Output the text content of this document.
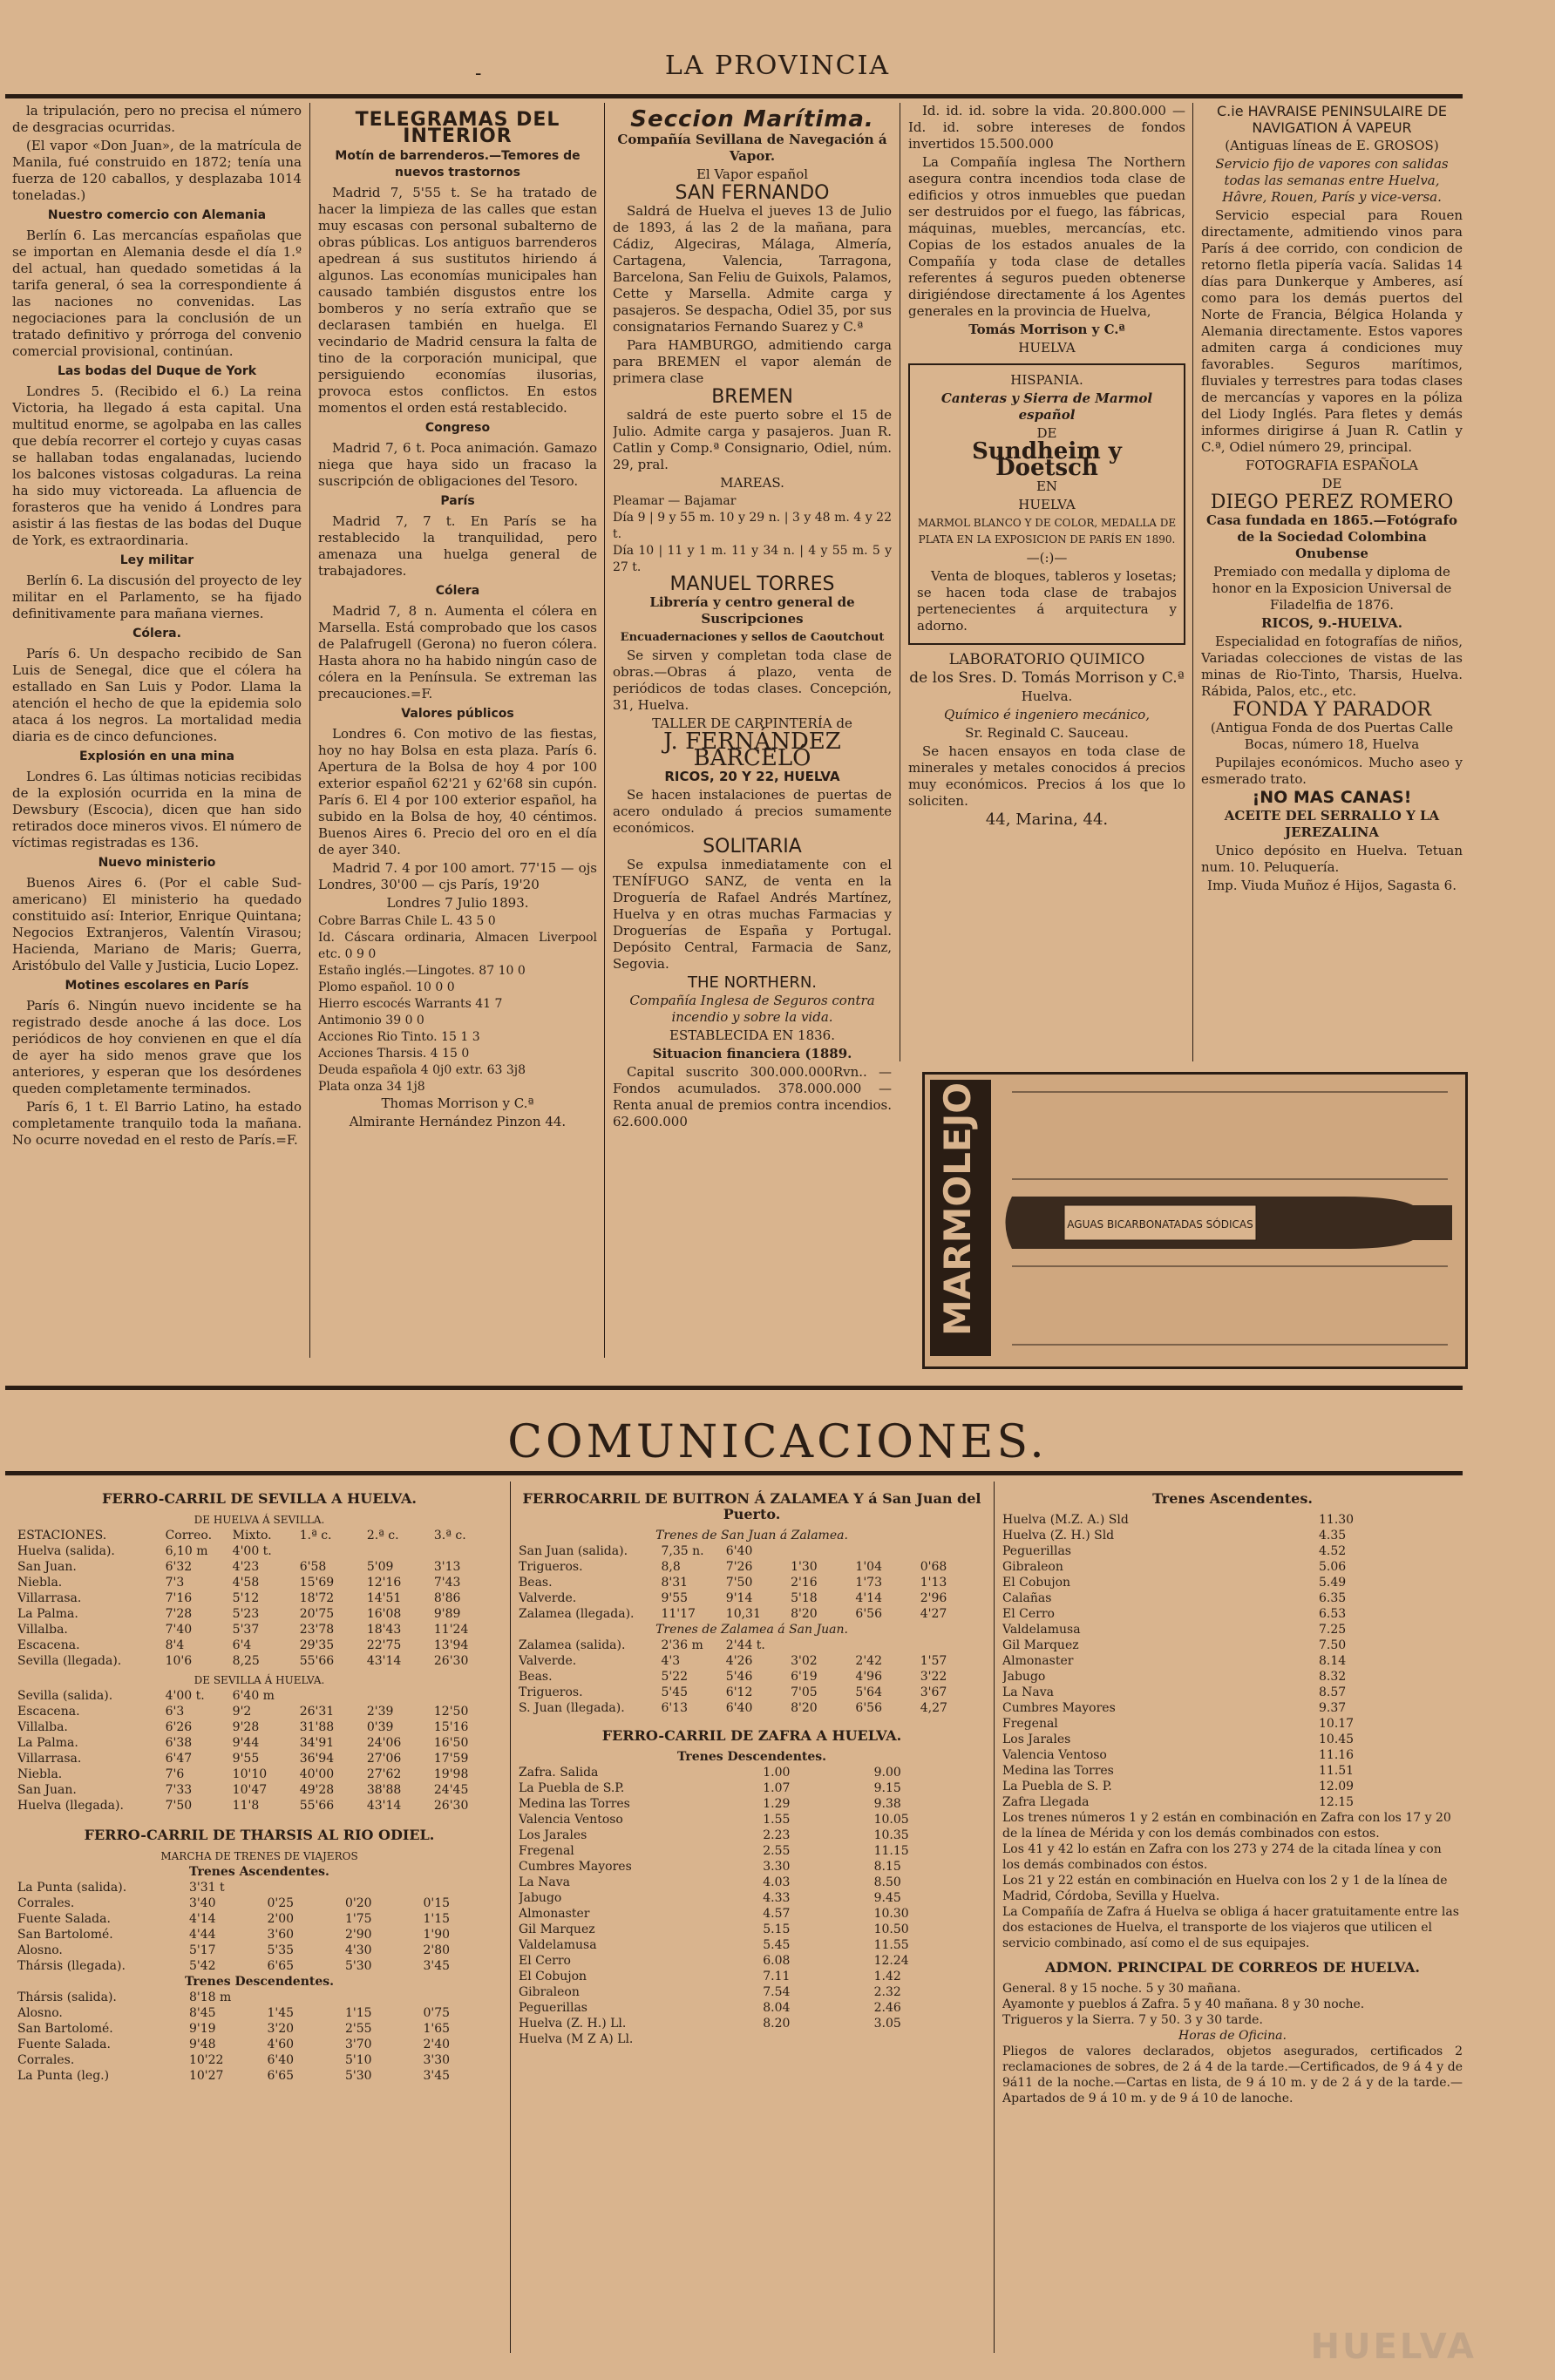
-	LA PROVINCIA

la tripulación, pero no precisa el número de desgracias ocurridas.

(El vapor «Don Juan», de la matrícula de Manila, fué construido en 1872; tenía una fuerza de 120 caballos, y desplazaba 1014 toneladas.)

Nuestro comercio con Alemania

Berlín 6. Las mercancías españolas que se importan en Alemania desde el día 1.º del actual, han quedado sometidas á la tarifa general, ó sea la correspondiente á las naciones no convenidas. Las negociaciones para la conclusión de un tratado definitivo y prórroga del convenio comercial provisional, continúan.

Las bodas del Duque de York

Londres 5. (Recibido el 6.) La reina Victoria, ha llegado á esta capital. Una multitud enorme, se agolpaba en las calles que debía recorrer el cortejo y cuyas casas se hallaban todas engalanadas, luciendo los balcones vistosas colgaduras. La reina ha sido muy victoreada. La afluencia de forasteros que ha venido á Londres para asistir á las fiestas de las bodas del Duque de York, es extraordinaria.

Ley militar

Berlín 6. La discusión del proyecto de ley militar en el Parlamento, se ha fijado definitivamente para mañana viernes.

Cólera.

París 6. Un despacho recibido de San Luis de Senegal, dice que el cólera ha estallado en San Luis y Podor. Llama la atención el hecho de que la epidemia solo ataca á los negros. La mortalidad media diaria es de cinco defunciones.

Explosión en una mina

Londres 6. Las últimas noticias recibidas de la explosión ocurrida en la mina de Dewsbury (Escocia), dicen que han sido retirados doce mineros vivos. El número de víctimas registradas es 136.

Nuevo ministerio

Buenos Aires 6. (Por el cable Sud-americano) El ministerio ha quedado constituido así: Interior, Enrique Quintana; Negocios Extranjeros, Valentín Virasou; Hacienda, Mariano de Maris; Guerra, Aristóbulo del Valle y Justicia, Lucio Lopez.

Motines escolares en París

París 6. Ningún nuevo incidente se ha registrado desde anoche á las doce. Los periódicos de hoy convienen en que el día de ayer ha sido menos grave que los anteriores, y esperan que los desórdenes queden completamente terminados.

París 6, 1 t. El Barrio Latino, ha estado completamente tranquilo toda la mañana. No ocurre novedad en el resto de París.=F.

TELEGRAMAS DEL INTERIOR

Motín de barrenderos.—Temores de nuevos trastornos

Madrid 7, 5'55 t. Se ha tratado de hacer la limpieza de las calles que estan muy escasas con personal subalterno de obras públicas. Los antiguos barrenderos apedrean á sus sustitutos hiriendo á algunos. Las economías municipales han causado también disgustos entre los bomberos y no sería extraño que se declarasen también en huelga. El vecindario de Madrid censura la falta de tino de la corporación municipal, que persiguiendo economías ilusorias, provoca estos conflictos. En estos momentos el orden está restablecido.

Congreso

Madrid 7, 6 t. Poca animación. Gamazo niega que haya sido un fracaso la suscripción de obligaciones del Tesoro.

París

Madrid 7, 7 t. En París se ha restablecido la tranquilidad, pero amenaza una huelga general de trabajadores.

Cólera

Madrid 7, 8 n. Aumenta el cólera en Marsella. Está comprobado que los casos de Palafrugell (Gerona) no fueron cólera. Hasta ahora no ha habido ningún caso de cólera en la Península. Se extreman las precauciones.=F.

Valores públicos

Londres 6. Con motivo de las fiestas, hoy no hay Bolsa en esta plaza. París 6. Apertura de la Bolsa de hoy 4 por 100 exterior español 62'21 y 62'68 sin cupón. París 6. El 4 por 100 exterior español, ha subido en la Bolsa de hoy, 40 céntimos. Buenos Aires 6. Precio del oro en el día de ayer 340.

Madrid 7. 4 por 100 amort. 77'15 — ojs Londres, 30'00 — cjs París, 19'20

Londres 7 Julio 1893.

Cobre Barras Chile L. 43 5 0
Id. Cáscara ordinaria, Almacen Liverpool etc. 0 9 0
Estaño inglés.—Lingotes. 87 10 0
Plomo español. 10 0 0
Hierro escocés Warrants 41 7
Antimonio 39 0 0
Acciones Rio Tinto. 15 1 3
Acciones Tharsis. 4 15 0
Deuda española 4 0j0 extr. 63 3j8
Plata onza 34 1j8

Thomas Morrison y C.ª

Almirante Hernández Pinzon 44.

Seccion Marítima.

Compañía Sevillana de Navegación á Vapor.

El Vapor español

SAN FERNANDO

Saldrá de Huelva el jueves 13 de Julio de 1893, á las 2 de la mañana, para Cádiz, Algeciras, Málaga, Almería, Cartagena, Valencia, Tarragona, Barcelona, San Feliu de Guixols, Palamos, Cette y Marsella. Admite carga y pasajeros. Se despacha, Odiel 35, por sus consignatarios Fernando Suarez y C.ª

Para HAMBURGO, admitiendo carga para BREMEN el vapor alemán de primera clase

BREMEN

saldrá de este puerto sobre el 15 de Julio. Admite carga y pasajeros. Juan R. Catlin y Comp.ª Consignario, Odiel, núm. 29, pral.

MAREAS.

Pleamar — Bajamar
Día 9 | 9 y 55 m. 10 y 29 n. | 3 y 48 m. 4 y 22 t.
Día 10 | 11 y 1 m. 11 y 34 n. | 4 y 55 m. 5 y 27 t.

MANUEL TORRES

Librería y centro general de Suscripciones

Encuadernaciones y sellos de Caoutchout

Se sirven y completan toda clase de obras.—Obras á plazo, venta de periódicos de todas clases. Concepción, 31, Huelva.

TALLER DE CARPINTERÍA de

J. FERNÁNDEZ BARCELÓ

RICOS, 20 Y 22, HUELVA

Se hacen instalaciones de puertas de acero ondulado á precios sumamente económicos.

SOLITARIA

Se expulsa inmediatamente con el TENÍFUGO SANZ, de venta en la Droguería de Rafael Andrés Martínez, Huelva y en otras muchas Farmacias y Droguerías de España y Portugal. Depósito Central, Farmacia de Sanz, Segovia.

THE NORTHERN.

Compañía Inglesa de Seguros contra incendio y sobre la vida.

ESTABLECIDA EN 1836.

Situacion financiera (1889.

Capital suscrito 300.000.000Rvn.. — Fondos acumulados. 378.000.000 — Renta anual de premios contra incendios. 62.600.000

Id. id. id. sobre la vida. 20.800.000 — Id. id. sobre intereses de fondos invertidos 15.500.000

La Compañía inglesa The Northern asegura contra incendios toda clase de edificios y otros inmuebles que puedan ser destruidos por el fuego, las fábricas, máquinas, muebles, mercancías, etc. Copias de los estados anuales de la Compañía y toda clase de detalles referentes á seguros pueden obtenerse dirigiéndose directamente á los Agentes generales en la provincia de Huelva,

Tomás Morrison y C.ª

HUELVA

HISPANIA.

Canteras y Sierra de Marmol español

DE

Sundheim y Doetsch

EN

HUELVA

MARMOL BLANCO Y DE COLOR, MEDALLA DE PLATA EN LA EXPOSICION DE PARÍS EN 1890.

—(:)—

Venta de bloques, tableros y losetas; se hacen toda clase de trabajos pertenecientes á arquitectura y adorno.

LABORATORIO QUIMICO

de los Sres. D. Tomás Morrison y C.ª

Huelva.

Químico é ingeniero mecánico,

Sr. Reginald C. Sauceau.

Se hacen ensayos en toda clase de minerales y metales conocidos á precios muy económicos. Precios á los que lo soliciten.

44, Marina, 44.

C.ie HAVRAISE PENINSULAIRE DE NAVIGATION Á VAPEUR

(Antiguas líneas de E. GROSOS)

Servicio fijo de vapores con salidas todas las semanas entre Huelva, Hâvre, Rouen, París y vice-versa.

Servicio especial para Rouen directamente, admitiendo vinos para París á dee corrido, con condicion de retorno fletla pipería vacía. Salidas 14 días para Dunkerque y Amberes, así como para los demás puertos del Norte de Francia, Bélgica Holanda y Alemania directamente. Estos vapores admiten carga á condiciones muy favorables. Seguros marítimos, fluviales y terrestres para todas clases de mercancías y vapores en la póliza del Liody Inglés. Para fletes y demás informes dirigirse á Juan R. Catlin y C.ª, Odiel número 29, principal.

FOTOGRAFIA ESPAÑOLA

DE

DIEGO PEREZ ROMERO

Casa fundada en 1865.—Fotógrafo de la Sociedad Colombina Onubense

Premiado con medalla y diploma de honor en la Exposicion Universal de Filadelfia de 1876.

RICOS, 9.-HUELVA.

Especialidad en fotografías de niños, Variadas colecciones de vistas de las minas de Rio-Tinto, Tharsis, Huelva. Rábida, Palos, etc., etc.

FONDA Y PARADOR

(Antigua Fonda de dos Puertas Calle Bocas, número 18, Huelva

Pupilajes económicos. Mucho aseo y esmerado trato.

¡NO MAS CANAS!

ACEITE DEL SERRALLO Y LA JEREZALINA

Unico depósito en Huelva. Tetuan num. 10. Peluquería.

Imp. Viuda Muñoz é Hijos, Sagasta 6.

MARMOLEJO	AGUAS BICARBONATADAS SÓDICAS
COMUNICACIONES.
FERRO-CARRIL DE SEVILLA A HUELVA.
DE HUELVA Á SEVILLA.
ESTACIONES.	Correo.	Mixto.	1.ª c.	2.ª c.	3.ª c.
Huelva (salida).	6,10 m	4'00 t.
San Juan.	6'32	4'23	6'58	5'09	3'13
Niebla.	7'3	4'58	15'69	12'16	7'43
Villarrasa.	7'16	5'12	18'72	14'51	8'86
La Palma.	7'28	5'23	20'75	16'08	9'89
Villalba.	7'40	5'37	23'78	18'43	11'24
Escacena.	8'4	6'4	29'35	22'75	13'94
Sevilla (llegada).	10'6	8,25	55'66	43'14	26'30
DE SEVILLA Á HUELVA.
Sevilla (salida).	4'00 t.	6'40 m
Escacena.	6'3	9'2	26'31	2'39	12'50
Villalba.	6'26	9'28	31'88	0'39	15'16
La Palma.	6'38	9'44	34'91	24'06	16'50
Villarrasa.	6'47	9'55	36'94	27'06	17'59
Niebla.	7'6	10'10	40'00	27'62	19'98
San Juan.	7'33	10'47	49'28	38'88	24'45
Huelva (llegada).	7'50	11'8	55'66	43'14	26'30
FERRO-CARRIL DE THARSIS AL RIO ODIEL.
MARCHA DE TRENES DE VIAJEROS
Trenes Ascendentes.
La Punta (salida).	3'31 t
Corrales.	3'40	0'25	0'20	0'15
Fuente Salada.	4'14	2'00	1'75	1'15
San Bartolomé.	4'44	3'60	2'90	1'90
Alosno.	5'17	5'35	4'30	2'80
Thársis (llegada).	5'42	6'65	5'30	3'45
Trenes Descendentes.
Thársis (salida).	8'18 m
Alosno.	8'45	1'45	1'15	0'75
San Bartolomé.	9'19	3'20	2'55	1'65
Fuente Salada.	9'48	4'60	3'70	2'40
Corrales.	10'22	6'40	5'10	3'30
La Punta (leg.)	10'27	6'65	5'30	3'45
FERROCARRIL DE BUITRON Á ZALAMEA Y á San Juan del Puerto.
Trenes de San Juan á Zalamea.
San Juan (salida).	7,35 n.	6'40
Trigueros.	8,8	7'26	1'30	1'04	0'68
Beas.	8'31	7'50	2'16	1'73	1'13
Valverde.	9'55	9'14	5'18	4'14	2'96
Zalamea (llegada).	11'17	10,31	8'20	6'56	4'27
Trenes de Zalamea á San Juan.
Zalamea (salida).	2'36 m	2'44 t.
Valverde.	4'3	4'26	3'02	2'42	1'57
Beas.	5'22	5'46	6'19	4'96	3'22
Trigueros.	5'45	6'12	7'05	5'64	3'67
S. Juan (llegada).	6'13	6'40	8'20	6'56	4,27
FERRO-CARRIL DE ZAFRA A HUELVA.
Trenes Descendentes.
Zafra. Salida	1.00	9.00
La Puebla de S.P.	1.07	9.15
Medina las Torres	1.29	9.38
Valencia Ventoso	1.55	10.05
Los Jarales	2.23	10.35
Fregenal	2.55	11.15
Cumbres Mayores	3.30	8.15
La Nava	4.03	8.50
Jabugo	4.33	9.45
Almonaster	4.57	10.30
Gil Marquez	5.15	10.50
Valdelamusa	5.45	11.55
El Cerro	6.08	12.24
El Cobujon	7.11	1.42
Gibraleon	7.54	2.32
Peguerillas	8.04	2.46
Huelva (Z. H.) Ll.	8.20	3.05
Huelva (M Z A) Ll.
Trenes Ascendentes.
Huelva (M.Z. A.) Sld	11.30
Huelva (Z. H.) Sld	4.35
Peguerillas	4.52
Gibraleon	5.06
El Cobujon	5.49
Calañas	6.35
El Cerro	6.53
Valdelamusa	7.25
Gil Marquez	7.50
Almonaster	8.14
Jabugo	8.32
La Nava	8.57
Cumbres Mayores	9.37
Fregenal	10.17
Los Jarales	10.45
Valencia Ventoso	11.16
Medina las Torres	11.51
La Puebla de S. P.	12.09
Zafra Llegada	12.15
Los trenes números 1 y 2 están en combinación en Zafra con los 17 y 20 de la línea de Mérida y con los demás combinados con estos.
Los 41 y 42 lo están en Zafra con los 273 y 274 de la citada línea y con los demás combinados con éstos.
Los 21 y 22 están en combinación en Huelva con los 2 y 1 de la línea de Madrid, Córdoba, Sevilla y Huelva.
La Compañía de Zafra á Huelva se obliga á hacer gratuitamente entre las dos estaciones de Huelva, el transporte de los viajeros que utilicen el servicio combinado, así como el de sus equipajes.
ADMON. PRINCIPAL DE CORREOS DE HUELVA.
General. 8 y 15 noche. 5 y 30 mañana.
Ayamonte y pueblos á Zafra. 5 y 40 mañana. 8 y 30 noche.
Trigueros y la Sierra. 7 y 50. 3 y 30 tarde.
Horas de Oficina.
Pliegos de valores declarados, objetos asegurados, certificados 2 reclamaciones de sobres, de 2 á 4 de la tarde.—Certificados, de 9 á 4 y de 9á11 de la noche.—Cartas en lista, de 9 á 10 m. y de 2 á y de la tarde.—Apartados de 9 á 10 m. y de 9 á 10 de lanoche.
HUELVA
